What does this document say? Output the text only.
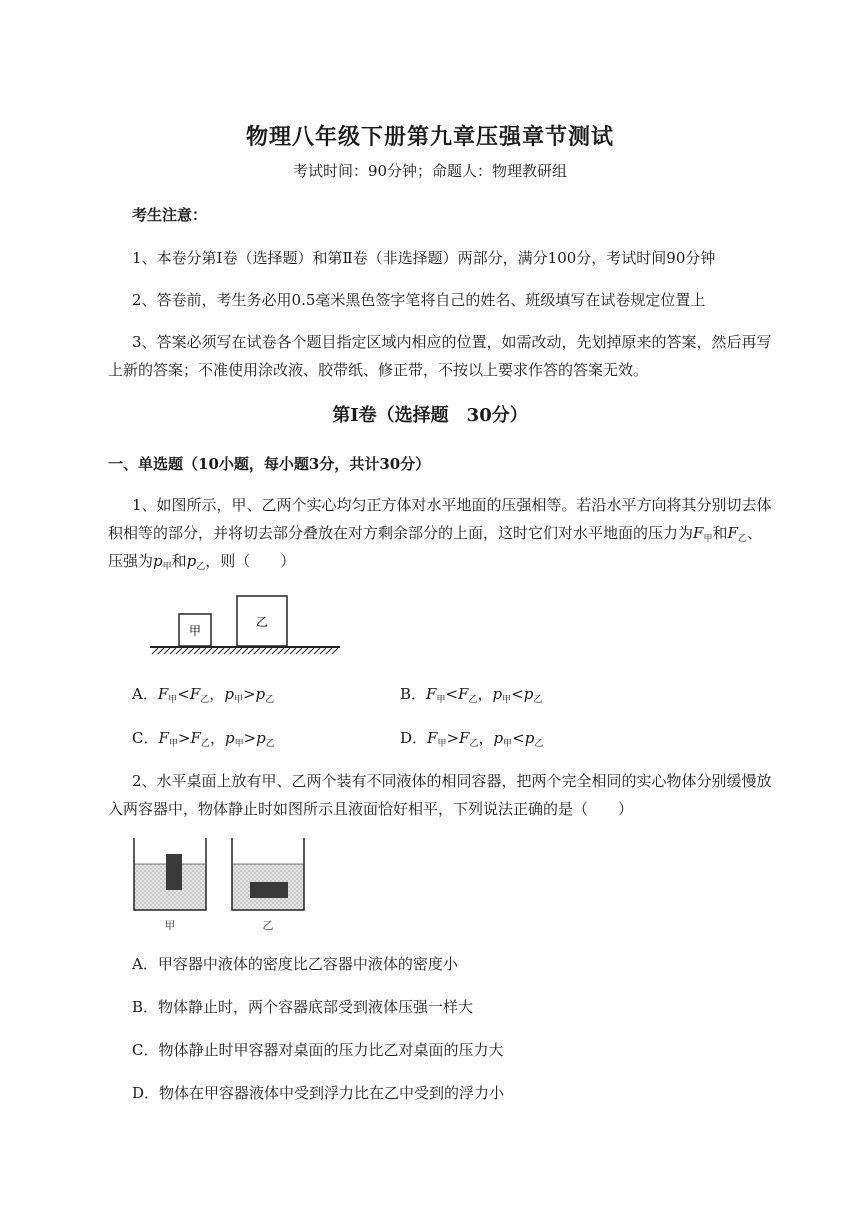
物理八年级下册第九章压强章节测试
考试时间：90分钟；命题人：物理教研组
考生注意：
1、本卷分第Ⅰ卷（选择题）和第Ⅱ卷（非选择题）两部分，满分100分，考试时间90分钟
2、答卷前，考生务必用0.5毫米黑色签字笔将自己的姓名、班级填写在试卷规定位置上
3、答案必须写在试卷各个题目指定区域内相应的位置，如需改动，先划掉原来的答案，然后再写
上新的答案；不准使用涂改液、胶带纸、修正带，不按以上要求作答的答案无效。
第Ⅰ卷（选择题　30分）
一、单选题（10小题，每小题3分，共计30分）
1、如图所示，甲、乙两个实心均匀正方体对水平地面的压强相等。若沿水平方向将其分别切去体
积相等的部分，并将切去部分叠放在对方剩余部分的上面，这时它们对水平地面的压力为$F_甲$和$F_乙$、
压强为$p_甲$和$p_乙$，则（　　）
甲
乙
A．$F_甲<F_乙$，$p_甲>p_乙$	B．$F_甲<F_乙$，$p_甲<p_乙$
C．$F_甲>F_乙$，$p_甲>p_乙$	D．$F_甲>F_乙$，$p_甲<p_乙$
2、水平桌面上放有甲、乙两个装有不同液体的相同容器，把两个完全相同的实心物体分别缓慢放
入两容器中，物体静止时如图所示且液面恰好相平，下列说法正确的是（　　）
甲	乙
A．甲容器中液体的密度比乙容器中液体的密度小
B．物体静止时，两个容器底部受到液体压强一样大
C．物体静止时甲容器对桌面的压力比乙对桌面的压力大
D．物体在甲容器液体中受到浮力比在乙中受到的浮力小
